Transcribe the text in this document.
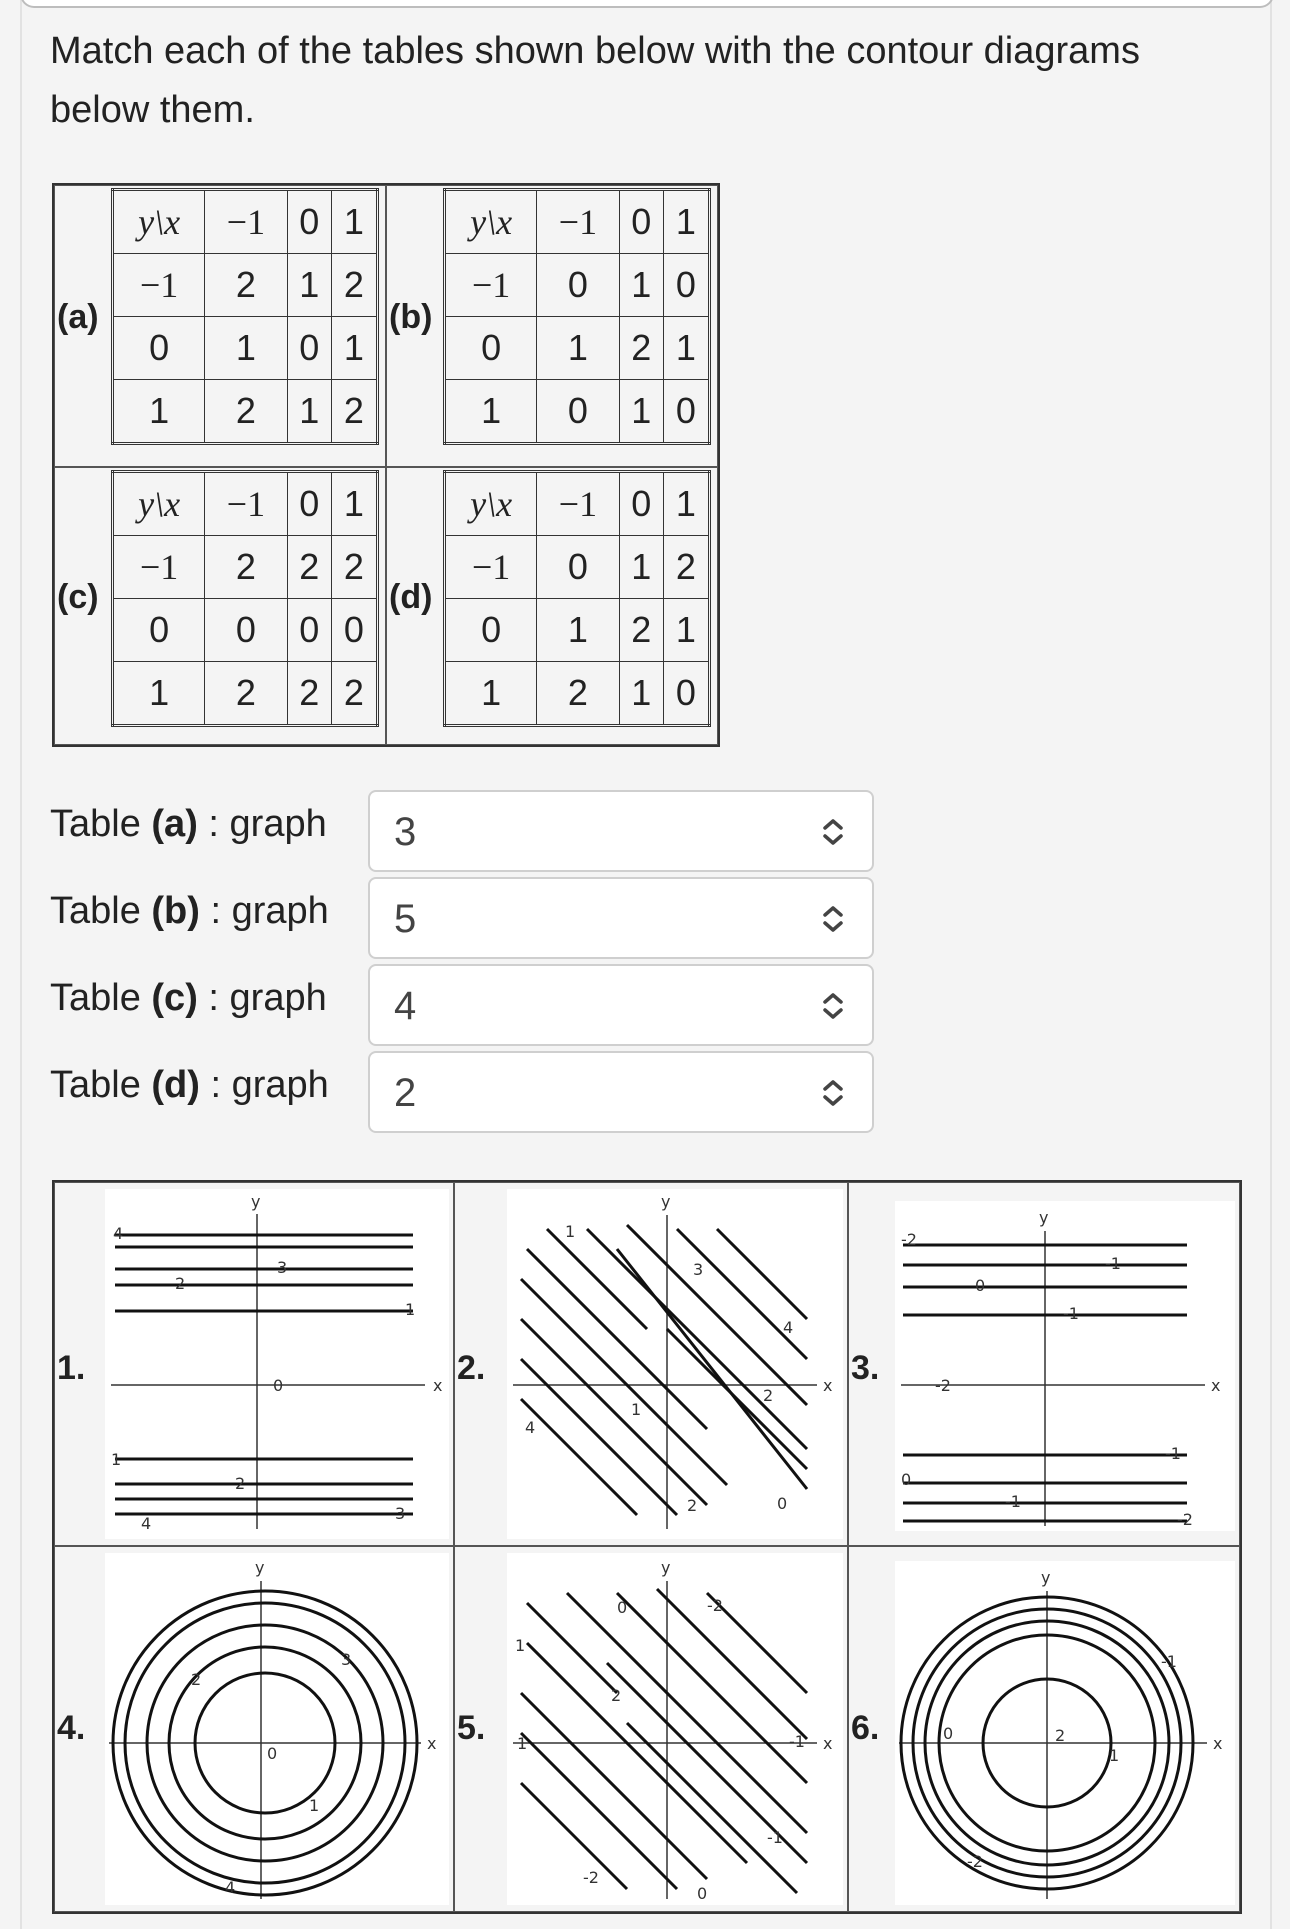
Match each of the tables shown below with the contour diagrams below them.
(a)
y\x	−1	0	1
−1	2	1	2
0	1	0	1
1	2	1	2
(b)
y\x	−1	0	1
−1	0	1	0
0	1	2	1
1	0	1	0
(c)
y\x	−1	0	1
−1	2	2	2
0	0	0	0
1	2	2	2
(d)
y\x	−1	0	1
−1	0	1	2
0	1	2	1
1	2	1	0
Table (a) : graph 3
Table (b) : graph 5
Table (c) : graph 4
Table (d) : graph 2
1.
y
x
4
2
3
1
0
1
2
3
4
2.
y
x
1
3
4
1
2
4
2	0
3.
y
x
-2
0
-1
-1
-2
0
-1
-1
-2
4.
y
x
2
3
0
1
4
5.
y
x
0	-2
1
2
1	-1
-1
-2
0
6.
y
x
-1
0	2
1
-2
